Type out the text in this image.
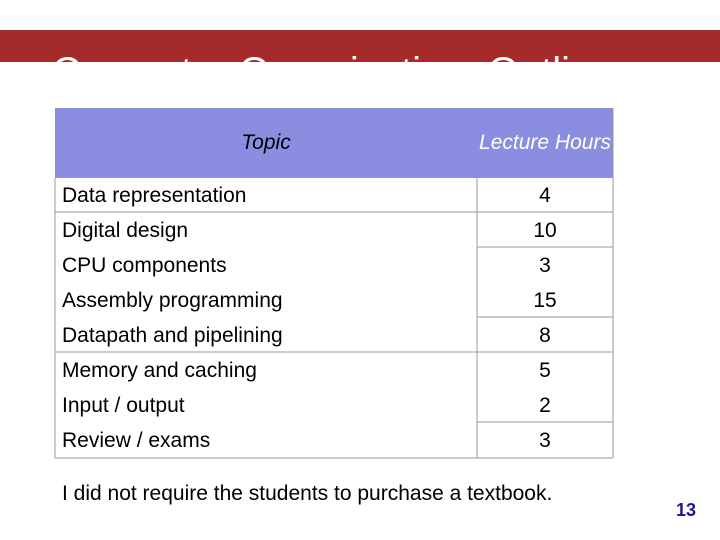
Computer Organization: Outline
Topic	Lecture Hours
Data representation	4
Digital design	10
CPU components	3
Assembly programming	15
Datapath and pipelining	8
Memory and caching	5
Input / output	2
Review / exams	3
I did not require the students to purchase a textbook.
13
